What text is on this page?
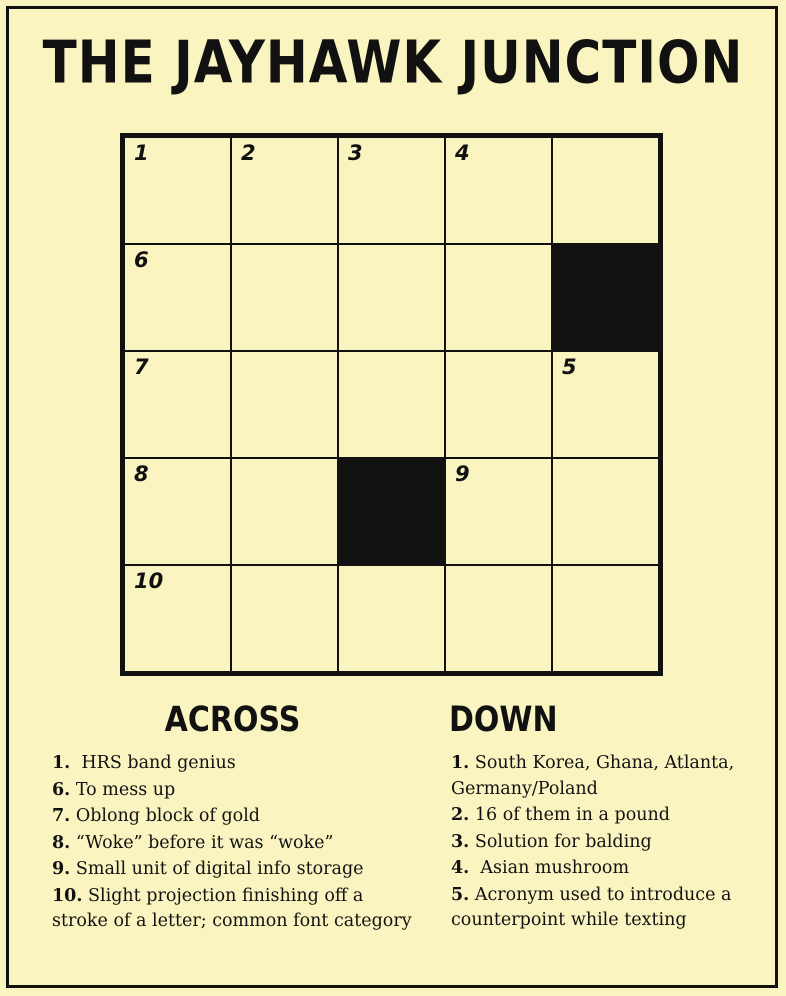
THE JAYHAWK JUNCTION
1	2	3	4	

6				

7				5

8			9	

10				

ACROSS
1. HRS band genius
6. To mess up
7. Oblong block of gold
8. “Woke” before it was “woke”
9. Small unit of digital info storage
10. Slight projection finishing off a stroke of a letter; common font category
DOWN
1. South Korea, Ghana, Atlanta, Germany/Poland
2. 16 of them in a pound
3. Solution for balding
4. Asian mushroom
5. Acronym used to introduce a counterpoint while texting
